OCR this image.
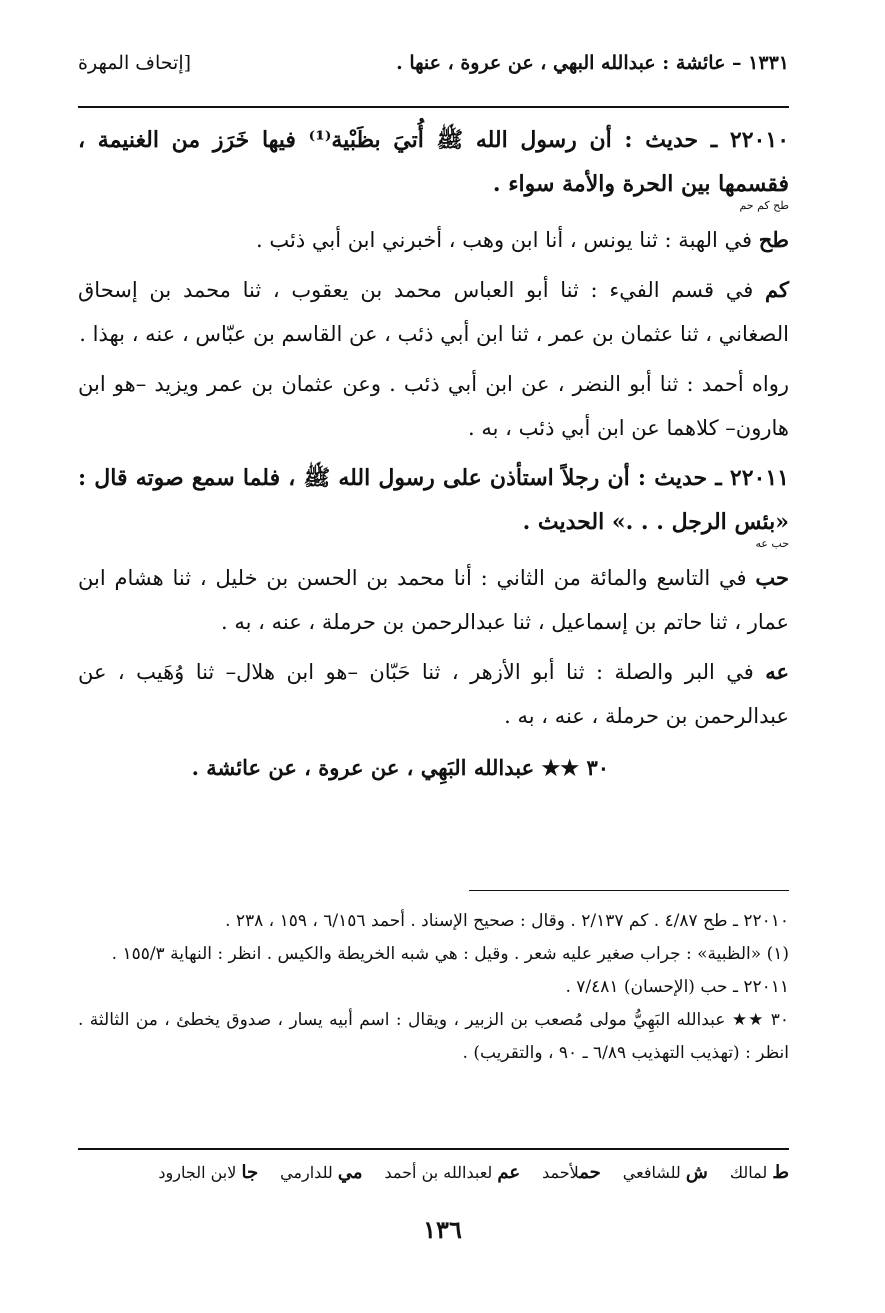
١٣٣١ – عائشة : عبدالله البهي ، عن عروة ، عنها .
[إتحاف المهرة
٢٢٠١٠ ـ حديث : أن رسول الله ﷺ أُتيَ بظَبْية⁽¹⁾ فيها خَرَز من الغنيمة ، فقسمها بين الحرة والأمة سواء .
طح كم حم

طح في الهبة : ثنا يونس ، أنا ابن وهب ، أخبرني ابن أبي ذئب .

كم في قسم الفيء : ثنا أبو العباس محمد بن يعقوب ، ثنا محمد بن إسحاق الصغاني ، ثنا عثمان بن عمر ، ثنا ابن أبي ذئب ، عن القاسم بن عبّاس ، عنه ، بهذا .

رواه أحمد : ثنا أبو النضر ، عن ابن أبي ذئب . وعن عثمان بن عمر ويزيد –هو ابن هارون– كلاهما عن ابن أبي ذئب ، به .

٢٢٠١١ ـ حديث : أن رجلاً استأذن على رسول الله ﷺ ، فلما سمع صوته قال : «بئس الرجل . . .» الحديث .
حب عه

حب في التاسع والمائة من الثاني : أنا محمد بن الحسن بن خليل ، ثنا هشام ابن عمار ، ثنا حاتم بن إسماعيل ، ثنا عبدالرحمن بن حرملة ، عنه ، به .

عه في البر والصلة : ثنا أبو الأزهر ، ثنا حَبّان –هو ابن هلال– ثنا وُهَيب ، عن عبدالرحمن بن حرملة ، عنه ، به .

٣٠ ★★ عبدالله البَهِي ، عن عروة ، عن عائشة .

٢٢٠١٠ ـ طح ٤/٨٧ . كم ٢/١٣٧ . وقال : صحيح الإسناد . أحمد ٦/١٥٦ ، ١٥٩ ، ٢٣٨ .

(١) «الظبية» : جراب صغير عليه شعر . وقيل : هي شبه الخريطة والكيس . انظر : النهاية ١٥٥/٣ .

٢٢٠١١ ـ حب (الإحسان) ٧/٤٨١ .

٣٠ ★★ عبدالله البَهِيُّ مولى مُصعب بن الزبير ، ويقال : اسم أبيه يسار ، صدوق يخطئ ، من الثالثة . انظر : (تهذيب التهذيب ٦/٨٩ ـ ٩٠ ، والتقريب) .

ط لمالك
ش للشافعي
حملأحمد
عم لعبدالله بن أحمد
مي للدارمي
جا لابن الجارود
١٣٦
